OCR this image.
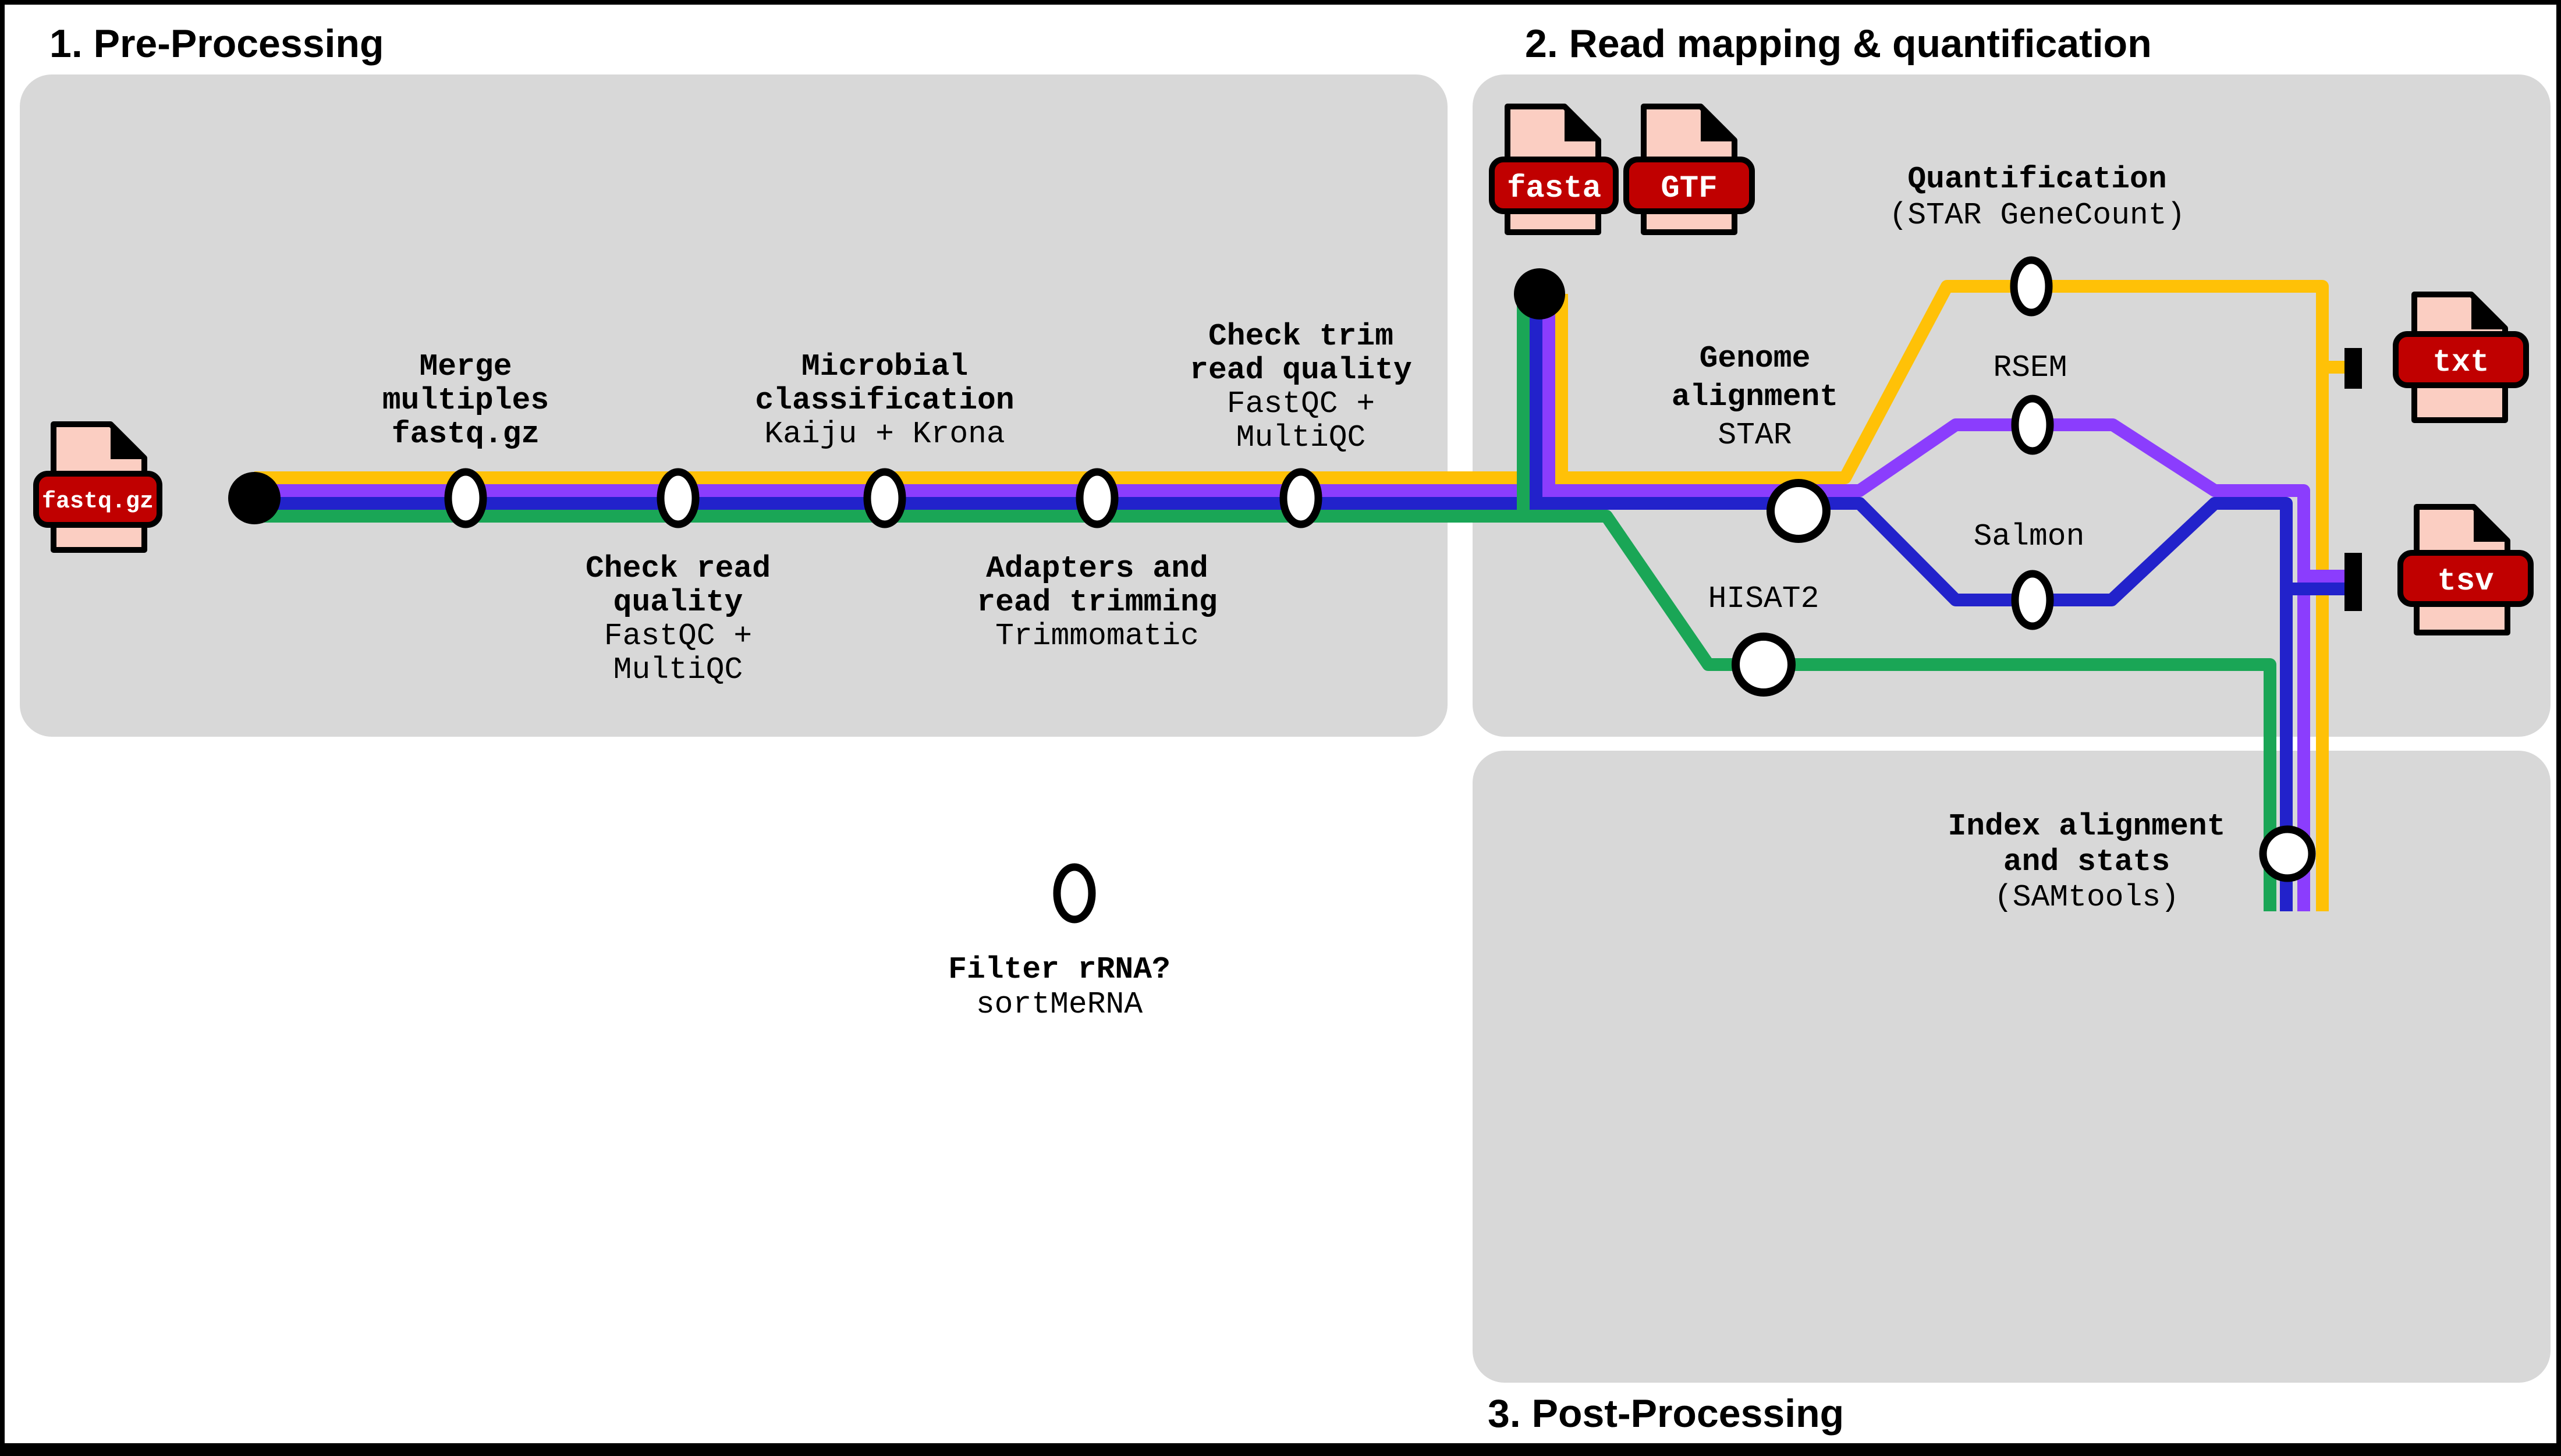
Merge
multiples
fastq.gz
Check read
quality
FastQC +
MultiQC
Microbial
classification
Kaiju + Krona
Adapters and
read trimming
Trimmomatic
Check trim
read quality
FastQC +
MultiQC
Filter rRNA?
sortMeRNA
Genome
alignment
STAR
Quantification
(STAR GeneCount)
RSEM
Salmon
HISAT2
Index alignment
and stats
(SAMtools)
fastq.gz
fasta GTF
txt
tsv
1. Pre-Processing	2. Read mapping & quantification
3. Post-Processing
